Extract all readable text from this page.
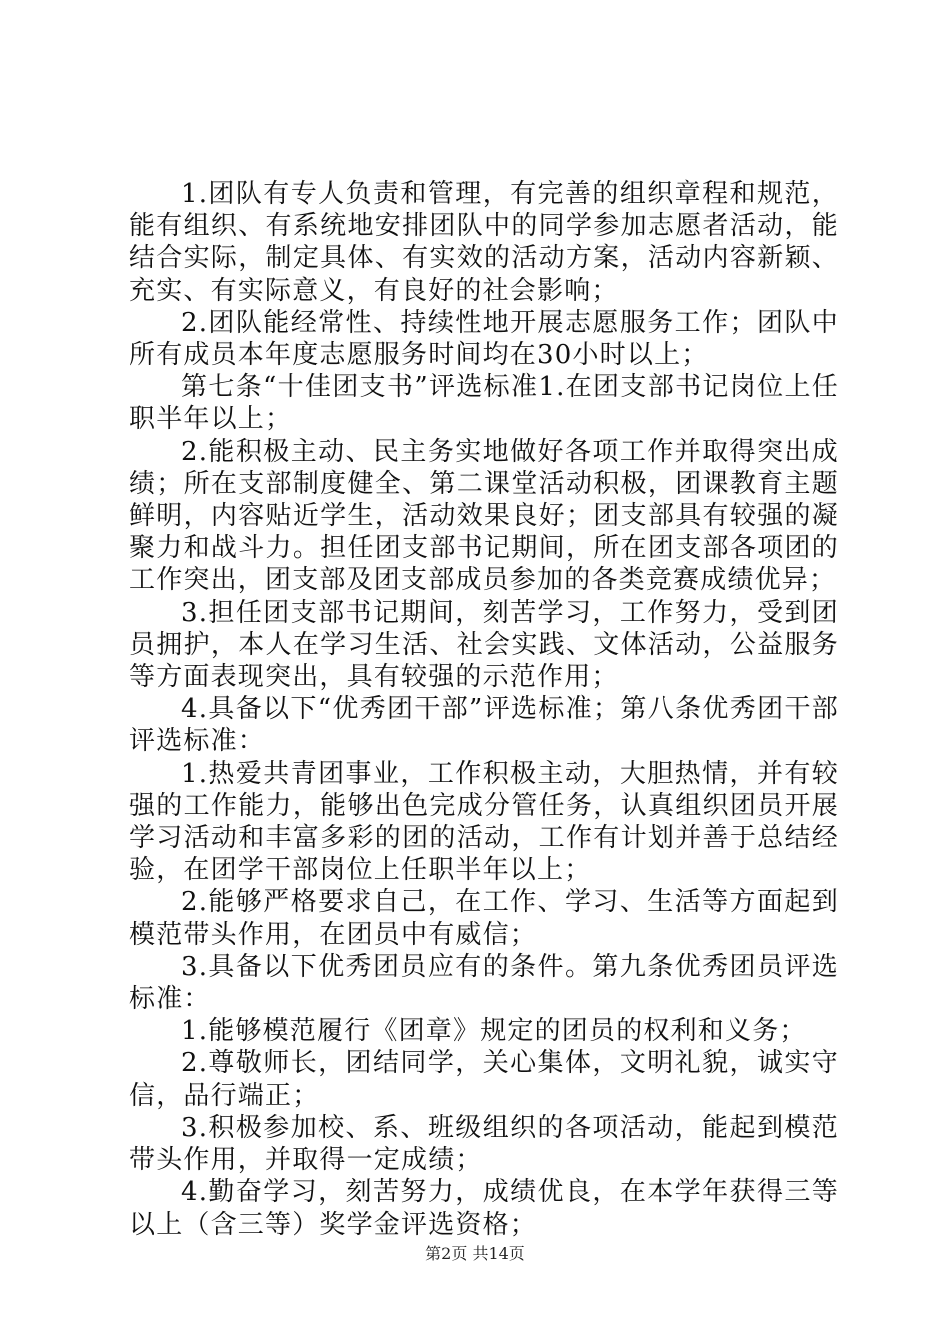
1.团队有专人负责和管理，有完善的组织章程和规范，能有组织、有系统地安排团队中的同学参加志愿者活动，能结合实际，制定具体、有实效的活动方案，活动内容新颖、充实、有实际意义，有良好的社会影响；

2.团队能经常性、持续性地开展志愿服务工作；团队中所有成员本年度志愿服务时间均在30小时以上；

第七条“十佳团支书”评选标准1.在团支部书记岗位上任职半年以上；

2.能积极主动、民主务实地做好各项工作并取得突出成绩；所在支部制度健全、第二课堂活动积极，团课教育主题鲜明，内容贴近学生，活动效果良好；团支部具有较强的凝聚力和战斗力。担任团支部书记期间，所在团支部各项团的工作突出，团支部及团支部成员参加的各类竞赛成绩优异；

3.担任团支部书记期间，刻苦学习，工作努力，受到团员拥护，本人在学习生活、社会实践、文体活动，公益服务等方面表现突出，具有较强的示范作用；

4.具备以下“优秀团干部”评选标准；第八条优秀团干部评选标准：

1.热爱共青团事业，工作积极主动，大胆热情，并有较强的工作能力，能够出色完成分管任务，认真组织团员开展学习活动和丰富多彩的团的活动，工作有计划并善于总结经验，在团学干部岗位上任职半年以上；

2.能够严格要求自己，在工作、学习、生活等方面起到模范带头作用，在团员中有威信；

3.具备以下优秀团员应有的条件。第九条优秀团员评选标准：

1.能够模范履行《团章》规定的团员的权利和义务；

2.尊敬师长，团结同学，关心集体，文明礼貌，诚实守信，品行端正；

3.积极参加校、系、班级组织的各项活动，能起到模范带头作用，并取得一定成绩；

4.勤奋学习，刻苦努力，成绩优良，在本学年获得三等以上（含三等）奖学金评选资格；

第2页 共14页
